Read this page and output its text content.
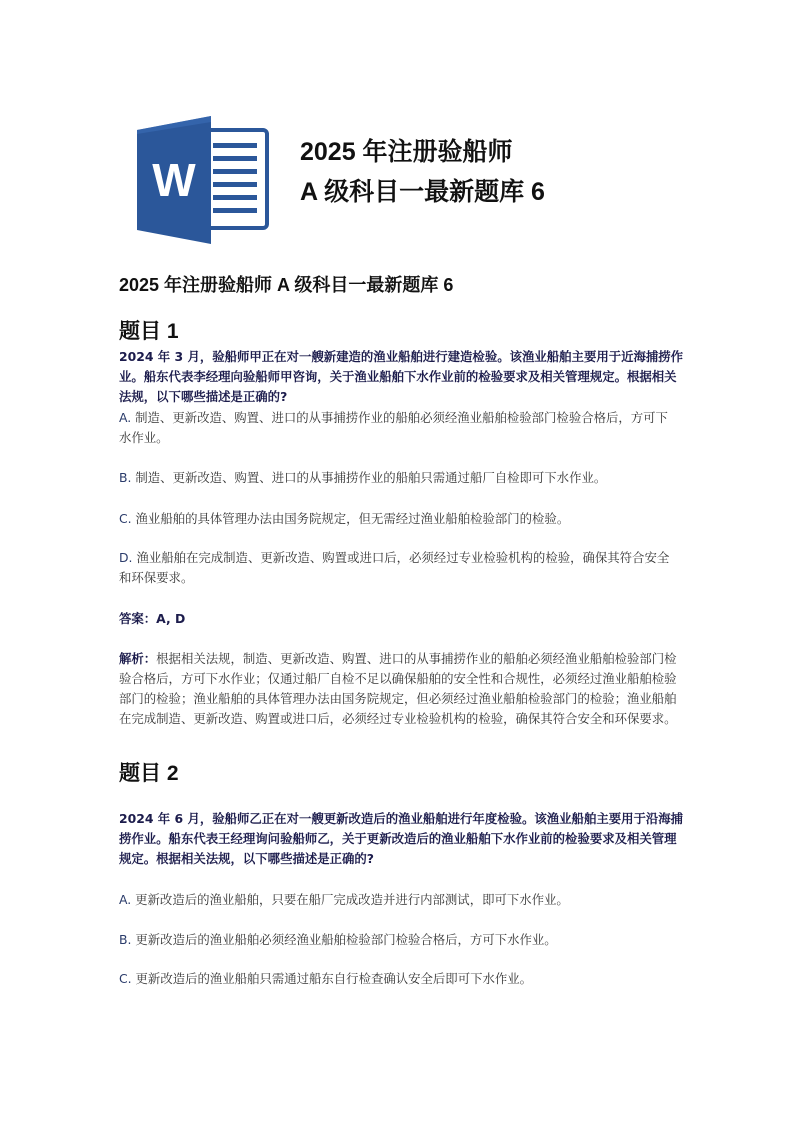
W
2025 年注册验船师
A 级科目一最新题库 6
2025 年注册验船师 A 级科目一最新题库 6
题目 1
2024 年 3 月，验船师甲正在对一艘新建造的渔业船舶进行建造检验。该渔业船舶主要用于近海捕捞作业。船东代表李经理向验船师甲咨询，关于渔业船舶下水作业前的检验要求及相关管理规定。根据相关法规，以下哪些描述是正确的?
A. 制造、更新改造、购置、进口的从事捕捞作业的船舶必须经渔业船舶检验部门检验合格后，方可下水作业。
B. 制造、更新改造、购置、进口的从事捕捞作业的船舶只需通过船厂自检即可下水作业。
C. 渔业船舶的具体管理办法由国务院规定，但无需经过渔业船舶检验部门的检验。
D. 渔业船舶在完成制造、更新改造、购置或进口后，必须经过专业检验机构的检验，确保其符合安全和环保要求。
答案：A, D
解析：根据相关法规，制造、更新改造、购置、进口的从事捕捞作业的船舶必须经渔业船舶检验部门检验合格后，方可下水作业；仅通过船厂自检不足以确保船舶的安全性和合规性，必须经过渔业船舶检验部门的检验；渔业船舶的具体管理办法由国务院规定，但必须经过渔业船舶检验部门的检验；渔业船舶在完成制造、更新改造、购置或进口后，必须经过专业检验机构的检验，确保其符合安全和环保要求。
题目 2
2024 年 6 月，验船师乙正在对一艘更新改造后的渔业船舶进行年度检验。该渔业船舶主要用于沿海捕捞作业。船东代表王经理询问验船师乙，关于更新改造后的渔业船舶下水作业前的检验要求及相关管理规定。根据相关法规，以下哪些描述是正确的?
A. 更新改造后的渔业船舶，只要在船厂完成改造并进行内部测试，即可下水作业。
B. 更新改造后的渔业船舶必须经渔业船舶检验部门检验合格后，方可下水作业。
C. 更新改造后的渔业船舶只需通过船东自行检查确认安全后即可下水作业。
